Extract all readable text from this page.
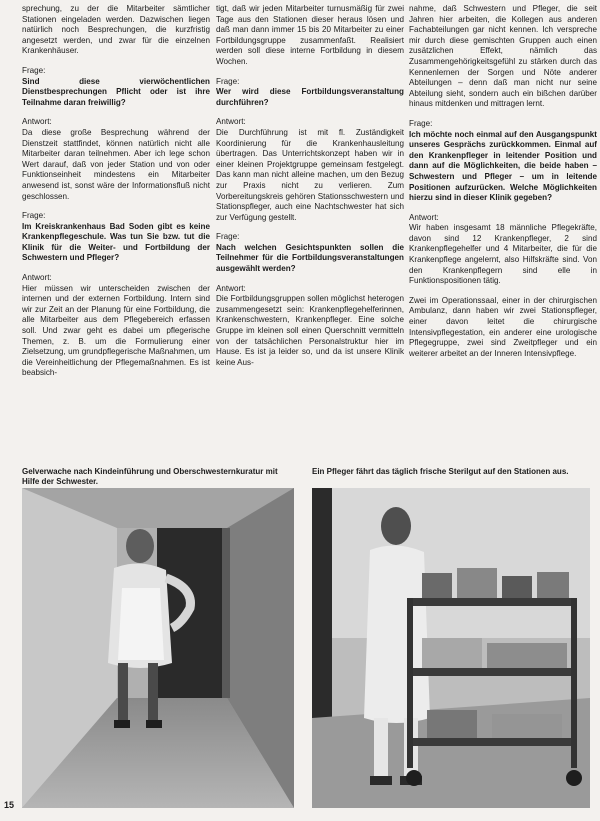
sprechung, zu der die Mitarbeiter sämtlicher Stationen eingeladen werden. Dazwischen liegen natürlich noch Besprechungen, die kurzfristig angesetzt werden, und zwar für die einzelnen Krankenhäuser.

Frage:
Sind diese vierwöchentlichen Dienstbesprechungen Pflicht oder ist ihre Teilnahme daran freiwillig?

Antwort:
Da diese große Besprechung während der Dienstzeit stattfindet, können natürlich nicht alle Mitarbeiter daran teilnehmen. Aber ich lege schon Wert darauf, daß von jeder Station und von oder Funktionseinheit mindestens ein Mitarbeiter anwesend ist, sonst wäre der Informationsfluß nicht geschlossen.

Frage:
Im Kreiskrankenhaus Bad Soden gibt es keine Krankenpflegeschule. Was tun Sie bzw. tut die Klinik für die Weiter- und Fortbildung der Schwestern und Pfleger?

Antwort:
Hier müssen wir unterscheiden zwischen der internen und der externen Fortbildung. Intern sind wir zur Zeit an der Planung für eine Fortbildung, die alle Mitarbeiter aus dem Pflegebereich erfassen soll. Und zwar geht es dabei um pflegerische Themen, z. B. um die Formulierung einer Zielsetzung, um grundpflegerische Maßnahmen, um die Vereinheitlichung der Pflegemaßnahmen. Es ist beabsich-

tigt, daß wir jeden Mitarbeiter turnusmäßig für zwei Tage aus den Stationen dieser heraus lösen und daß man dann immer 15 bis 20 Mitarbeiter zu einer Fortbildungsgruppe zusammenfaßt. Realisiert werden soll diese interne Fortbildung in diesem Wochen.

Frage:
Wer wird diese Fortbildungsveranstaltung durchführen?

Antwort:
Die Durchführung ist mit fl. Zuständigkeit Koordinierung für die Krankenhausleitung übertragen. Das Unterrichtskonzept haben wir in einer kleinen Projektgruppe gemeinsam festgelegt. Das kann man nicht alleine machen, um den Bezug zur Praxis nicht zu verlieren. Zum Vorbereitungskreis gehören Stationsschwestern und Stationspfleger, auch eine Nachtschwester hat sich zur Verfügung gestellt.

Frage:
Nach welchen Gesichtspunkten sollen die Teilnehmer für die Fortbildungsveranstaltungen ausgewählt werden?

Antwort:
Die Fortbildungsgruppen sollen möglichst heterogen zusammengesetzt sein: Krankenpflegehelferinnen, Krankenschwestern, Krankenpfleger. Eine solche Gruppe im kleinen soll einen Querschnitt vermitteln von der tatsächlichen Personalstruktur hier im Hause. Es ist ja leider so, und da ist unsere Klinik keine Aus-

nahme, daß Schwestern und Pfleger, die seit Jahren hier arbeiten, die Kollegen aus anderen Fachabteilungen gar nicht kennen. Ich verspreche mir durch diese gemischten Gruppen auch einen zusätzlichen Effekt, nämlich das Zusammengehörigkeitsgefühl zu stärken durch das Kennenlernen der Sorgen und Nöte anderer Abteilungen – denn daß man nicht nur seine Abteilung sieht, sondern auch ein bißchen darüber hinaus mitdenken und mittragen lernt.

Frage:
Ich möchte noch einmal auf den Ausgangspunkt unseres Gesprächs zurückkommen. Einmal auf den Krankenpfleger in leitender Position und dann auf die Möglichkeiten, die beide haben – Schwestern und Pfleger – um in leitende Positionen aufzurücken. Welche Möglichkeiten hierzu sind in dieser Klinik gegeben?

Antwort:
Wir haben insgesamt 18 männliche Pflegekräfte, davon sind 12 Krankenpfleger, 2 sind Krankenpflegehelfer und 4 Mitarbeiter, die für die Krankenpflege angelernt, also Hilfskräfte sind. Von den Krankenpflegern sind elle in Funktionspositionen tätig.

Zwei im Operationssaal, einer in der chirurgischen Ambulanz, dann haben wir zwei Stationspfleger, einer davon leitet die chirurgische Intensivpflegestation, ein anderer eine urologische Pflegegruppe, zwei sind Zweitpfleger und ein weiterer arbeitet an der Inneren Intensivpflege.

Gelverwache nach Kindeinführung und Oberschwesternkuratur mit Hilfe der Schwester.
Ein Pfleger fährt das täglich frische Sterilgut auf den Stationen aus.
15
